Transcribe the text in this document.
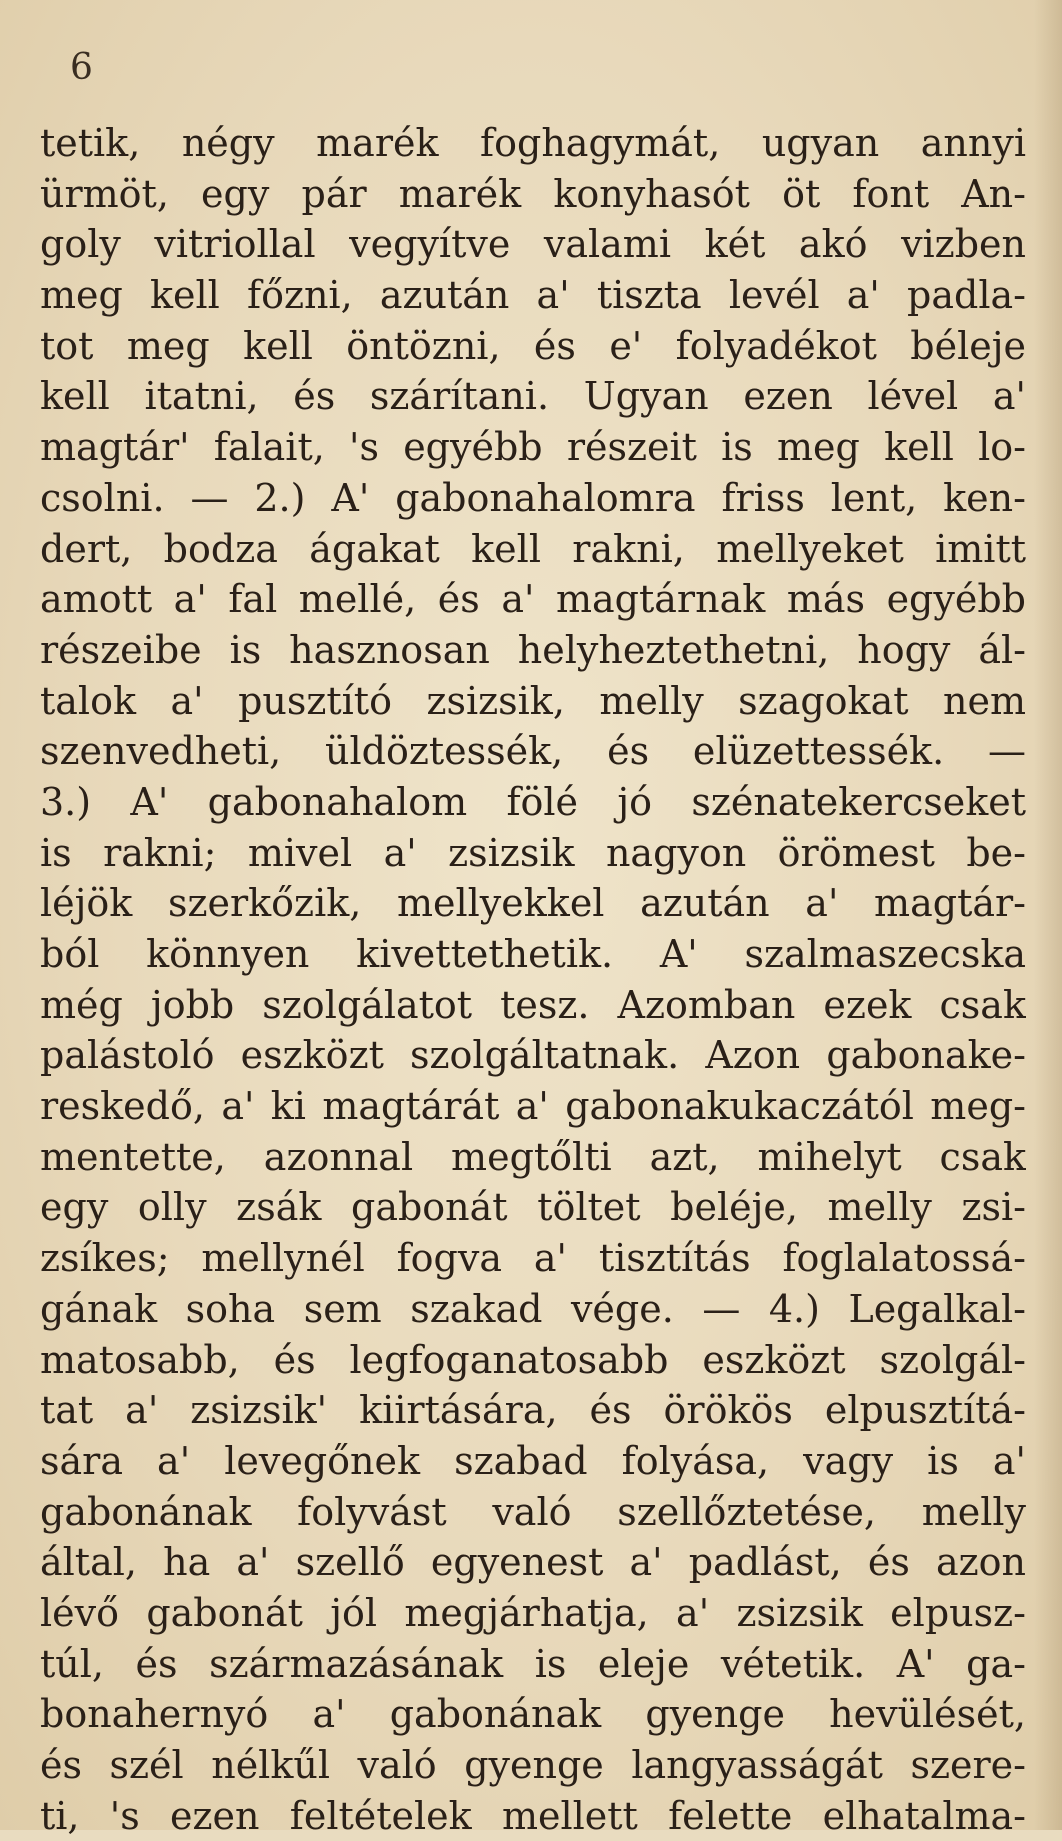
6
tetik, négy marék foghagymát, ugyan annyi
ürmöt, egy pár marék konyhasót öt font An-
goly vitriollal vegyítve valami két akó vizben
meg kell főzni, azután a' tiszta levél a' padla-
tot meg kell öntözni, és e' folyadékot béleje
kell itatni, és szárítani. Ugyan ezen lével a'
magtár' falait, 's egyébb részeit is meg kell lo-
csolni. — 2.) A' gabonahalomra friss lent, ken-
dert, bodza ágakat kell rakni, mellyeket imitt
amott a' fal mellé, és a' magtárnak más egyébb
részeibe is hasznosan helyheztethetni, hogy ál-
talok a' pusztító zsizsik, melly szagokat nem
szenvedheti, üldöztessék, és elüzettessék. —
3.) A' gabonahalom fölé jó szénatekercseket
is rakni; mivel a' zsizsik nagyon örömest be-
léjök szerkőzik, mellyekkel azután a' magtár-
ból könnyen kivettethetik. A' szalmaszecska
még jobb szolgálatot tesz. Azomban ezek csak
palástoló eszközt szolgáltatnak. Azon gabonake-
reskedő, a' ki magtárát a' gabonakukaczától meg-
mentette, azonnal megtőlti azt, mihelyt csak
egy olly zsák gabonát töltet beléje, melly zsi-
zsíkes; mellynél fogva a' tisztítás foglalatossá-
gának soha sem szakad vége. — 4.) Legalkal-
matosabb, és legfoganatosabb eszközt szolgál-
tat a' zsizsik' kiirtására, és örökös elpusztítá-
sára a' levegőnek szabad folyása, vagy is a'
gabonának folyvást való szellőztetése, melly
által, ha a' szellő egyenest a' padlást, és azon
lévő gabonát jól megjárhatja, a' zsizsik elpusz-
túl, és származásának is eleje vétetik. A' ga-
bonahernyó a' gabonának gyenge hevülését,
és szél nélkűl való gyenge langyasságát szere-
ti, 's ezen feltételek mellett felette elhatalma-
